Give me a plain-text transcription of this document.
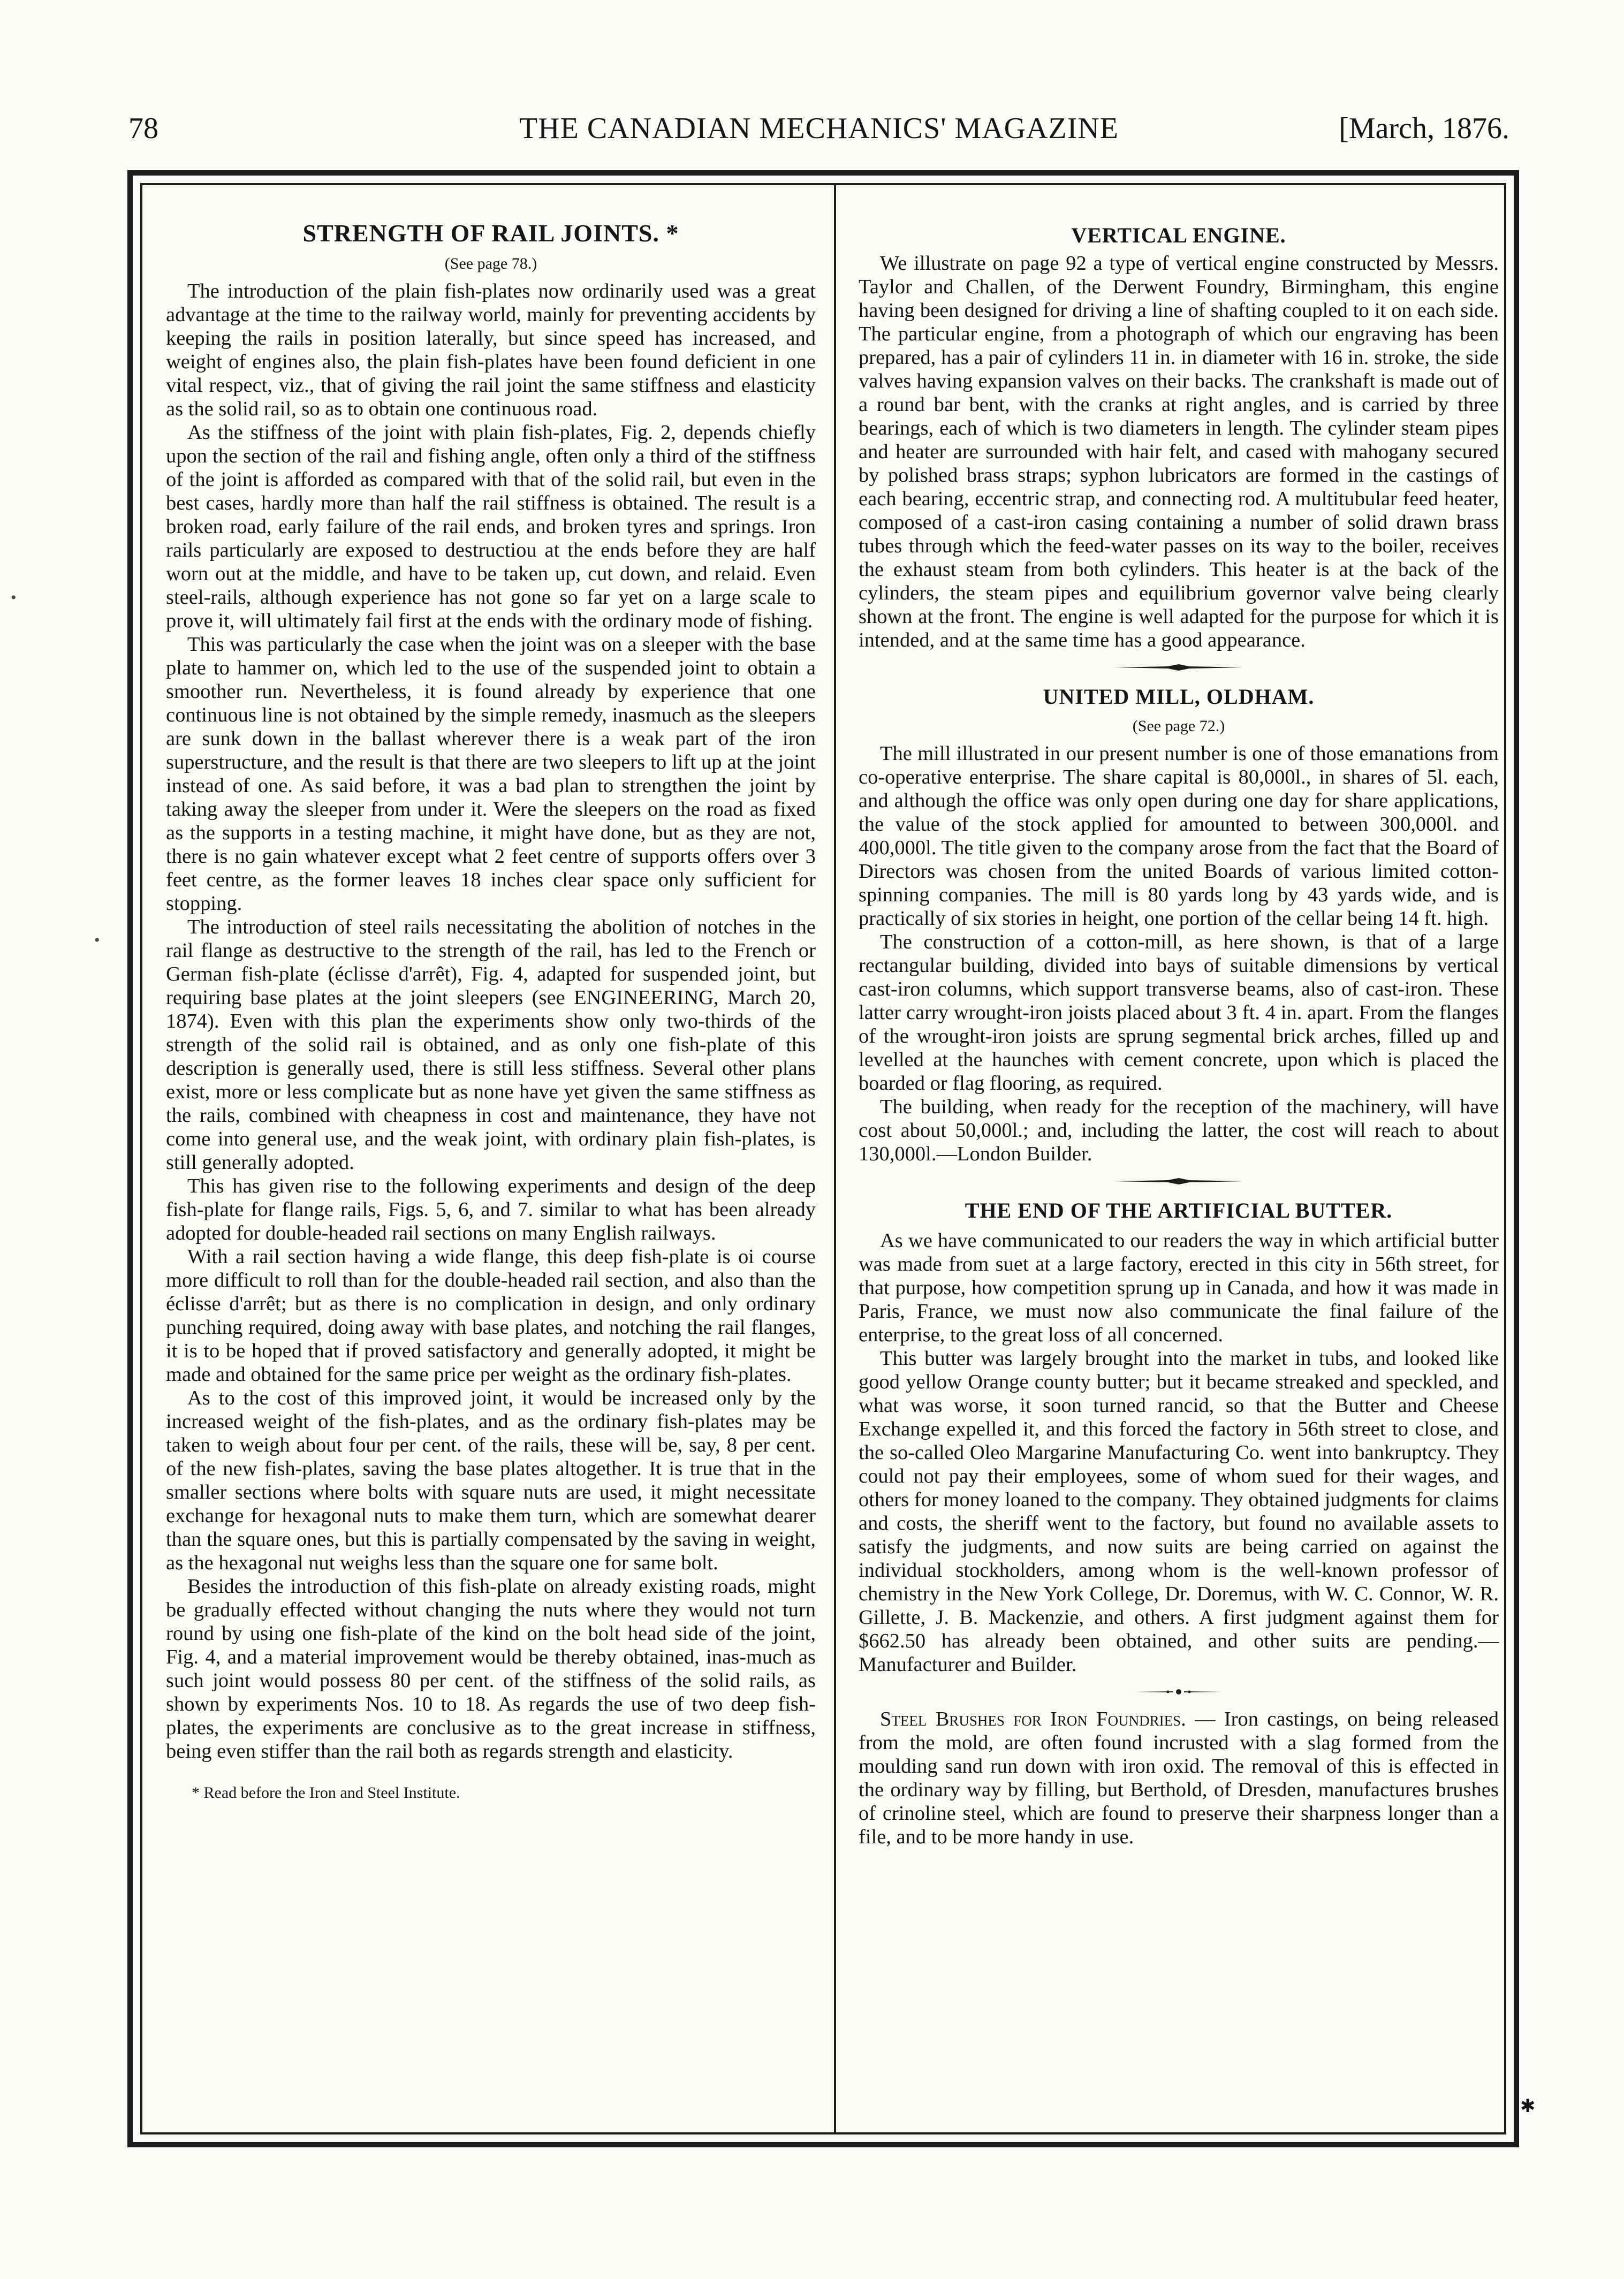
78	THE CANADIAN MECHANICS' MAGAZINE	[March, 1876.
STRENGTH OF RAIL JOINTS. *
(See page 78.)

The introduction of the plain fish-plates now ordinarily used was a great advantage at the time to the railway world, mainly for preventing accidents by keeping the rails in position laterally, but since speed has increased, and weight of engines also, the plain fish-plates have been found deficient in one vital respect, viz., that of giving the rail joint the same stiffness and elasticity as the solid rail, so as to obtain one continuous road.

As the stiffness of the joint with plain fish-plates, Fig. 2, depends chiefly upon the section of the rail and fishing angle, often only a third of the stiffness of the joint is afforded as compared with that of the solid rail, but even in the best cases, hardly more than half the rail stiffness is obtained. The result is a broken road, early failure of the rail ends, and broken tyres and springs. Iron rails particularly are exposed to destructiou at the ends before they are half worn out at the middle, and have to be taken up, cut down, and relaid. Even steel-rails, although experience has not gone so far yet on a large scale to prove it, will ultimately fail first at the ends with the ordinary mode of fishing.

This was particularly the case when the joint was on a sleeper with the base plate to hammer on, which led to the use of the suspended joint to obtain a smoother run. Nevertheless, it is found already by experience that one continuous line is not obtained by the simple remedy, inasmuch as the sleepers are sunk down in the ballast wherever there is a weak part of the iron superstructure, and the result is that there are two sleepers to lift up at the joint instead of one. As said before, it was a bad plan to strengthen the joint by taking away the sleeper from under it. Were the sleepers on the road as fixed as the supports in a testing machine, it might have done, but as they are not, there is no gain whatever except what 2 feet centre of supports offers over 3 feet centre, as the former leaves 18 inches clear space only sufficient for stopping.

The introduction of steel rails necessitating the abolition of notches in the rail flange as destructive to the strength of the rail, has led to the French or German fish-plate (éclisse d'arrêt), Fig. 4, adapted for suspended joint, but requiring base plates at the joint sleepers (see ENGINEERING, March 20, 1874). Even with this plan the experiments show only two-thirds of the strength of the solid rail is obtained, and as only one fish-plate of this description is generally used, there is still less stiffness. Several other plans exist, more or less complicate but as none have yet given the same stiffness as the rails, combined with cheapness in cost and maintenance, they have not come into general use, and the weak joint, with ordinary plain fish-plates, is still generally adopted.

This has given rise to the following experiments and design of the deep fish-plate for flange rails, Figs. 5, 6, and 7. similar to what has been already adopted for double-headed rail sections on many English railways.

With a rail section having a wide flange, this deep fish-plate is oi course more difficult to roll than for the double-headed rail section, and also than the éclisse d'arrêt; but as there is no complication in design, and only ordinary punching required, doing away with base plates, and notching the rail flanges, it is to be hoped that if proved satisfactory and generally adopted, it might be made and obtained for the same price per weight as the ordinary fish-plates.

As to the cost of this improved joint, it would be increased only by the increased weight of the fish-plates, and as the ordinary fish-plates may be taken to weigh about four per cent. of the rails, these will be, say, 8 per cent. of the new fish-plates, saving the base plates altogether. It is true that in the smaller sections where bolts with square nuts are used, it might necessitate exchange for hexagonal nuts to make them turn, which are somewhat dearer than the square ones, but this is partially compensated by the saving in weight, as the hexagonal nut weighs less than the square one for same bolt.

Besides the introduction of this fish-plate on already existing roads, might be gradually effected without changing the nuts where they would not turn round by using one fish-plate of the kind on the bolt head side of the joint, Fig. 4, and a material improvement would be thereby obtained, inas-much as such joint would possess 80 per cent. of the stiffness of the solid rails, as shown by experiments Nos. 10 to 18. As regards the use of two deep fish-plates, the experiments are conclusive as to the great increase in stiffness, being even stiffer than the rail both as regards strength and elasticity.

* Read before the Iron and Steel Institute.
VERTICAL ENGINE.

We illustrate on page 92 a type of vertical engine constructed by Messrs. Taylor and Challen, of the Derwent Foundry, Birmingham, this engine having been designed for driving a line of shafting coupled to it on each side. The particular engine, from a photograph of which our engraving has been prepared, has a pair of cylinders 11 in. in diameter with 16 in. stroke, the side valves having expansion valves on their backs. The crankshaft is made out of a round bar bent, with the cranks at right angles, and is carried by three bearings, each of which is two diameters in length. The cylinder steam pipes and heater are surrounded with hair felt, and cased with mahogany secured by polished brass straps; syphon lubricators are formed in the castings of each bearing, eccentric strap, and connecting rod. A multitubular feed heater, composed of a cast-iron casing containing a number of solid drawn brass tubes through which the feed-water passes on its way to the boiler, receives the exhaust steam from both cylinders. This heater is at the back of the cylinders, the steam pipes and equilibrium governor valve being clearly shown at the front. The engine is well adapted for the purpose for which it is intended, and at the same time has a good appearance.

UNITED MILL, OLDHAM.
(See page 72.)

The mill illustrated in our present number is one of those emanations from co-operative enterprise. The share capital is 80,000l., in shares of 5l. each, and although the office was only open during one day for share applications, the value of the stock applied for amounted to between 300,000l. and 400,000l. The title given to the company arose from the fact that the Board of Directors was chosen from the united Boards of various limited cotton-spinning companies. The mill is 80 yards long by 43 yards wide, and is practically of six stories in height, one portion of the cellar being 14 ft. high.

The construction of a cotton-mill, as here shown, is that of a large rectangular building, divided into bays of suitable dimensions by vertical cast-iron columns, which support transverse beams, also of cast-iron. These latter carry wrought-iron joists placed about 3 ft. 4 in. apart. From the flanges of the wrought-iron joists are sprung segmental brick arches, filled up and levelled at the haunches with cement concrete, upon which is placed the boarded or flag flooring, as required.

The building, when ready for the reception of the machinery, will have cost about 50,000l.; and, including the latter, the cost will reach to about 130,000l.—London Builder.

THE END OF THE ARTIFICIAL BUTTER.

As we have communicated to our readers the way in which artificial butter was made from suet at a large factory, erected in this city in 56th street, for that purpose, how competition sprung up in Canada, and how it was made in Paris, France, we must now also communicate the final failure of the enterprise, to the great loss of all concerned.

This butter was largely brought into the market in tubs, and looked like good yellow Orange county butter; but it became streaked and speckled, and what was worse, it soon turned rancid, so that the Butter and Cheese Exchange expelled it, and this forced the factory in 56th street to close, and the so-called Oleo Margarine Manufacturing Co. went into bankruptcy. They could not pay their employees, some of whom sued for their wages, and others for money loaned to the company. They obtained judgments for claims and costs, the sheriff went to the factory, but found no available assets to satisfy the judgments, and now suits are being carried on against the individual stockholders, among whom is the well-known professor of chemistry in the New York College, Dr. Doremus, with W. C. Connor, W. R. Gillette, J. B. Mackenzie, and others. A first judgment against them for $662.50 has already been obtained, and other suits are pending.—Manufacturer and Builder.

Steel Brushes for Iron Foundries. — Iron castings, on being released from the mold, are often found incrusted with a slag formed from the moulding sand run down with iron oxid. The removal of this is effected in the ordinary way by filling, but Berthold, of Dresden, manufactures brushes of crinoline steel, which are found to preserve their sharpness longer than a file, and to be more handy in use.

•
•
✱
